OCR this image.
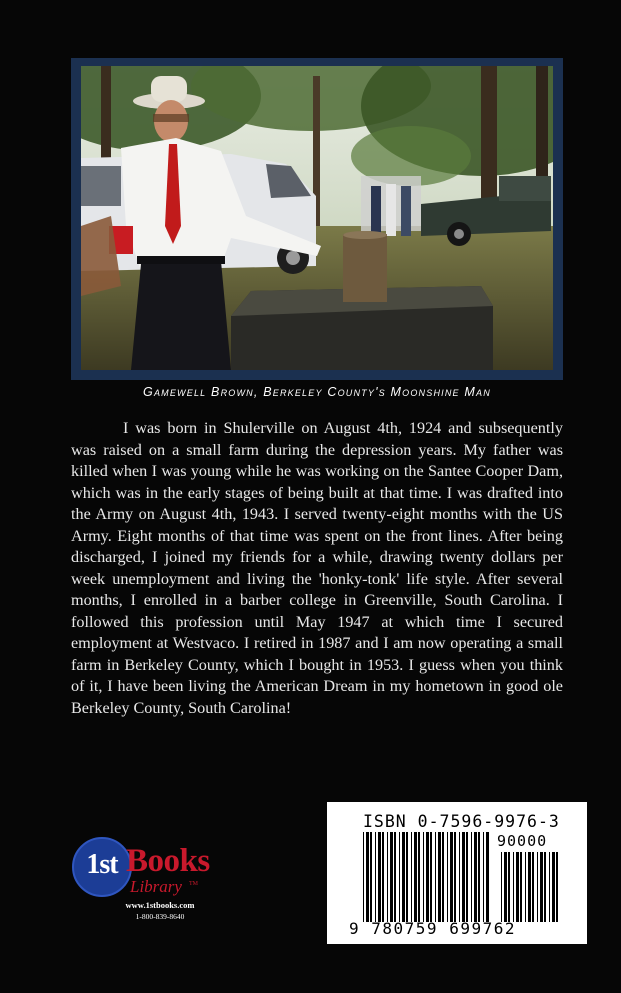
Gamewell Brown, Berkeley County's Moonshine Man

I was born in Shulerville on August 4th, 1924 and subsequently was raised on a small farm during the depression years. My father was killed when I was young while he was working on the Santee Cooper Dam, which was in the early stages of being built at that time. I was drafted into the Army on August 4th, 1943. I served twenty-eight months with the US Army. Eight months of that time was spent on the front lines. After being discharged, I joined my friends for a while, drawing twenty dollars per week unemployment and living the 'honky-tonk' life style. After several months, I enrolled in a barber college in Greenville, South Carolina. I followed this profession until May 1947 at which time I secured employment at Westvaco. I retired in 1987 and I am now operating a small farm in Berkeley County, which I bought in 1953. I guess when you think of it, I have been living the American Dream in my hometown in good ole Berkeley County, South Carolina!

1st Books
Library TM
www.1stbooks.com
1-800-839-8640
ISBN 0-7596-9976-3
90000
9 780759 699762
